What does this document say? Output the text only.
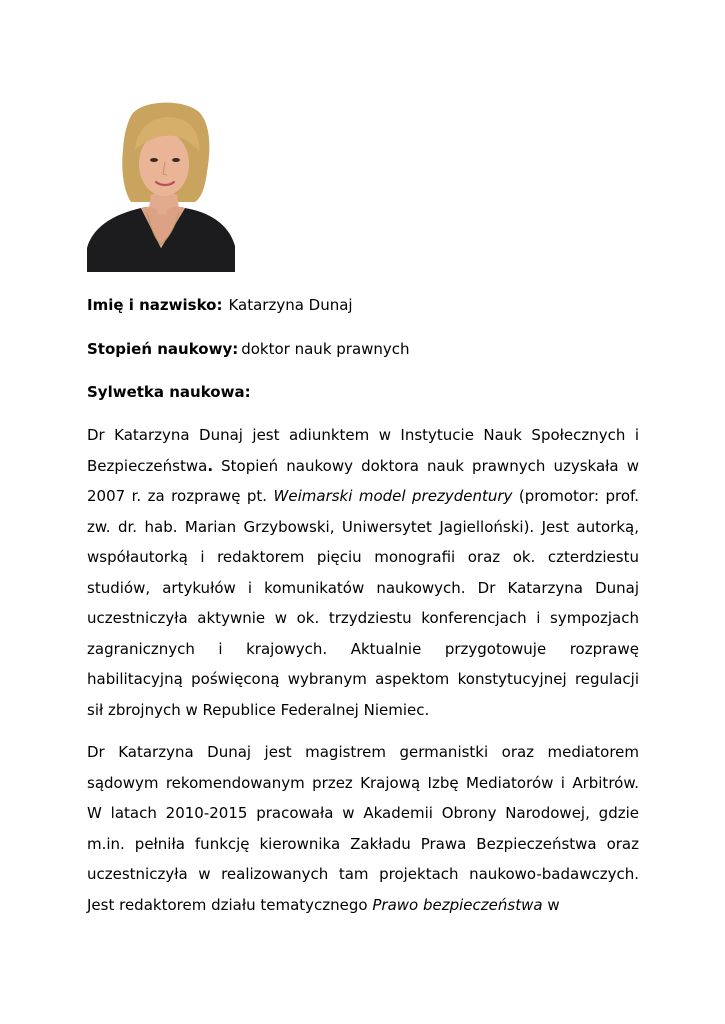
Imię i nazwisko: Katarzyna Dunaj
Stopień naukowy: doktor nauk prawnych
Sylwetka naukowa:

Dr Katarzyna Dunaj jest adiunktem w Instytucie Nauk Społecznych i Bezpieczeństwa. Stopień naukowy doktora nauk prawnych uzyskała w 2007 r. za rozprawę pt. Weimarski model prezydentury (promotor: prof. zw. dr. hab. Marian Grzybowski, Uniwersytet Jagielloński). Jest autorką, współautorką i redaktorem pięciu monografii oraz ok. czterdziestu studiów, artykułów i komunikatów naukowych. Dr Katarzyna Dunaj uczestniczyła aktywnie w ok. trzydziestu konferencjach i sympozjach zagranicznych i krajowych. Aktualnie przygotowuje rozprawę habilitacyjną poświęconą wybranym aspektom konstytucyjnej regulacji sił zbrojnych w Republice Federalnej Niemiec.

Dr Katarzyna Dunaj jest magistrem germanistki oraz mediatorem sądowym rekomendowanym przez Krajową Izbę Mediatorów i Arbitrów. W latach 2010-2015 pracowała w Akademii Obrony Narodowej, gdzie m.in. pełniła funkcję kierownika Zakładu Prawa Bezpieczeństwa oraz uczestniczyła w realizowanych tam projektach naukowo-badawczych. Jest redaktorem działu tematycznego Prawo bezpieczeństwa w
